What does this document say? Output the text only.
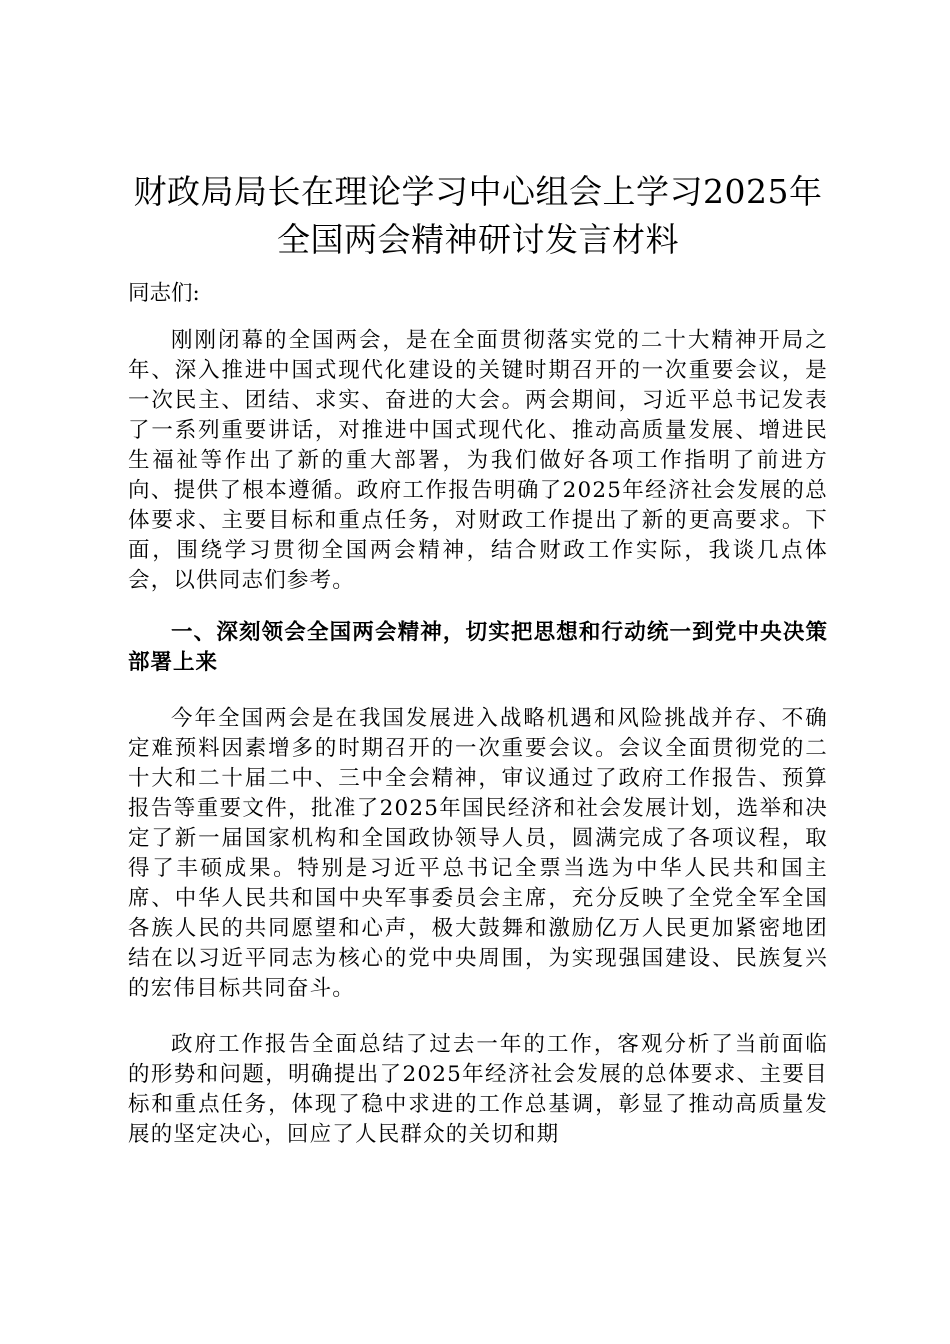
财政局局长在理论学习中心组会上学习2025年全国两会精神研讨发言材料

同志们:

刚刚闭幕的全国两会，是在全面贯彻落实党的二十大精神开局之年、深入推进中国式现代化建设的关键时期召开的一次重要会议，是一次民主、团结、求实、奋进的大会。两会期间，习近平总书记发表了一系列重要讲话，对推进中国式现代化、推动高质量发展、增进民生福祉等作出了新的重大部署，为我们做好各项工作指明了前进方向、提供了根本遵循。政府工作报告明确了2025年经济社会发展的总体要求、主要目标和重点任务，对财政工作提出了新的更高要求。下面，围绕学习贯彻全国两会精神，结合财政工作实际，我谈几点体会，以供同志们参考。

一、深刻领会全国两会精神，切实把思想和行动统一到党中央决策部署上来

今年全国两会是在我国发展进入战略机遇和风险挑战并存、不确定难预料因素增多的时期召开的一次重要会议。会议全面贯彻党的二十大和二十届二中、三中全会精神，审议通过了政府工作报告、预算报告等重要文件，批准了2025年国民经济和社会发展计划，选举和决定了新一届国家机构和全国政协领导人员，圆满完成了各项议程，取得了丰硕成果。特别是习近平总书记全票当选为中华人民共和国主席、中华人民共和国中央军事委员会主席，充分反映了全党全军全国各族人民的共同愿望和心声，极大鼓舞和激励亿万人民更加紧密地团结在以习近平同志为核心的党中央周围，为实现强国建设、民族复兴的宏伟目标共同奋斗。

政府工作报告全面总结了过去一年的工作，客观分析了当前面临的形势和问题，明确提出了2025年经济社会发展的总体要求、主要目标和重点任务，体现了稳中求进的工作总基调，彰显了推动高质量发展的坚定决心，回应了人民群众的关切和期
